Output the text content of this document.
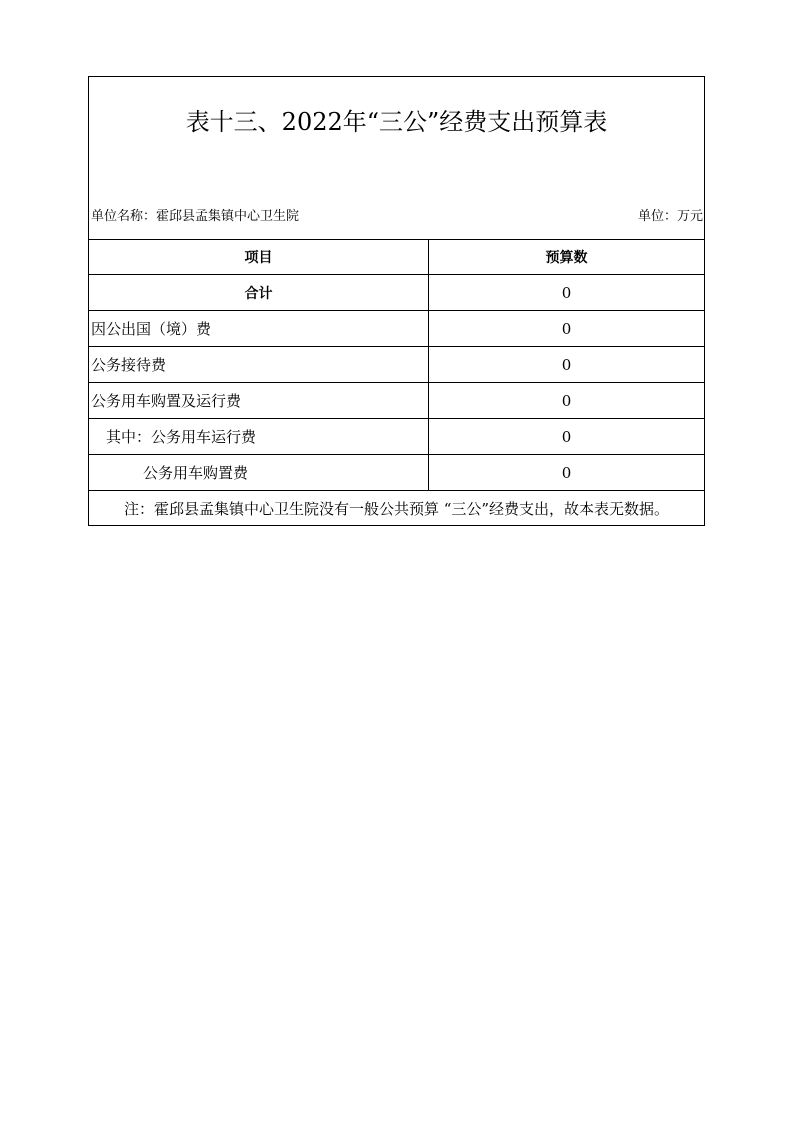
表十三、2022年“三公”经费支出预算表
单位名称：霍邱县孟集镇中心卫生院	单位：万元
项目	预算数
合计	0
因公出国（境）费	0
公务接待费	0
公务用车购置及运行费	0
其中：公务用车运行费	0
公务用车购置费	0
注：霍邱县孟集镇中心卫生院没有一般公共预算 “三公”经费支出，故本表无数据。
